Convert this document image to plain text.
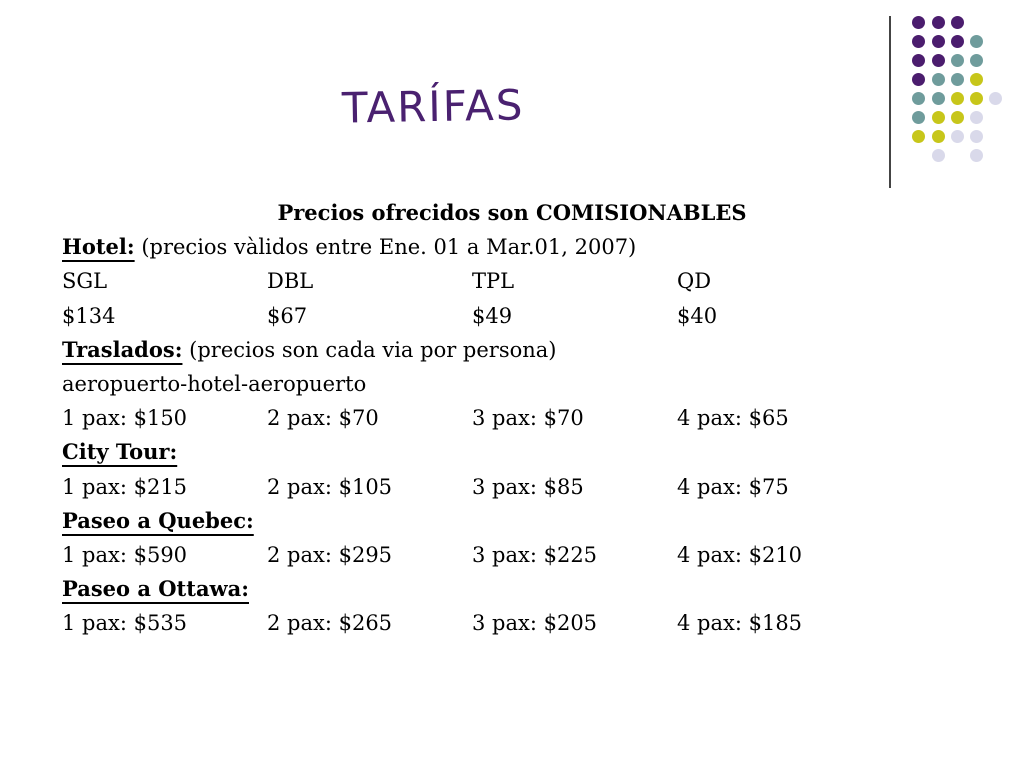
TARÍFAS
Precios ofrecidos son COMISIONABLES
Hotel: (precios vàlidos entre Ene. 01 a Mar.01, 2007)
SGL	DBL	TPL	QD
$134	$67	$49	$40
Traslados: (precios son cada via por persona)
aeropuerto-hotel-aeropuerto
1 pax: $150	2 pax: $70	3 pax: $70	4 pax: $65
City Tour:
1 pax: $215	2 pax: $105	3 pax: $85	4 pax: $75
Paseo a Quebec:
1 pax: $590	2 pax: $295	3 pax: $225	4 pax: $210
Paseo a Ottawa:
1 pax: $535	2 pax: $265	3 pax: $205	4 pax: $185
